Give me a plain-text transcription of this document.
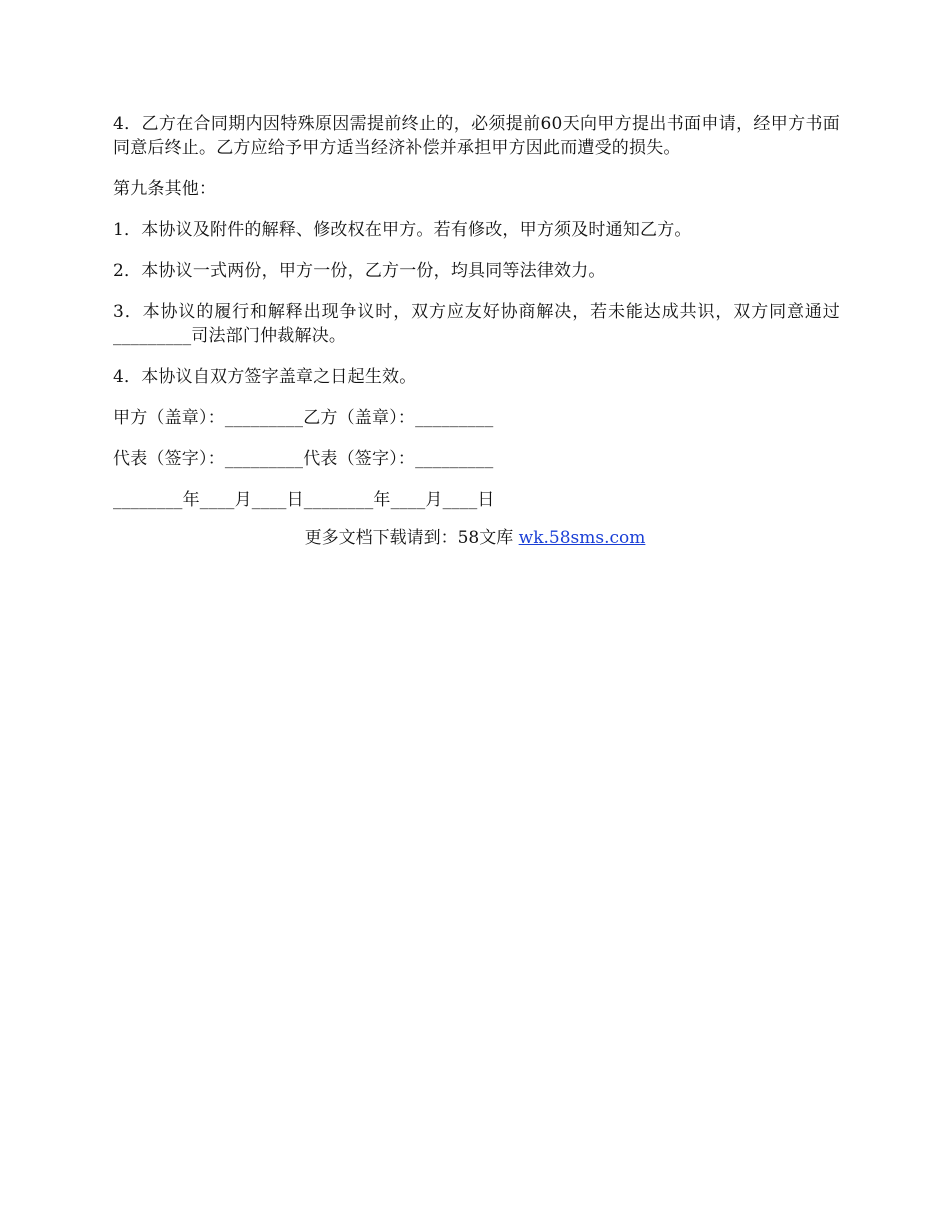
4．乙方在合同期内因特殊原因需提前终止的，必须提前60天向甲方提出书面申请，经甲方书面同意后终止。乙方应给予甲方适当经济补偿并承担甲方因此而遭受的损失。

第九条其他：

1．本协议及附件的解释、修改权在甲方。若有修改，甲方须及时通知乙方。

2．本协议一式两份，甲方一份，乙方一份，均具同等法律效力。

3．本协议的履行和解释出现争议时，双方应友好协商解决，若未能达成共识，双方同意通过_________司法部门仲裁解决。

4．本协议自双方签字盖章之日起生效。

甲方（盖章）：_________乙方（盖章）：_________

代表（签字）：_________代表（签字）：_________

________年____月____日________年____月____日

更多文档下载请到：58文库 wk.58sms.com
